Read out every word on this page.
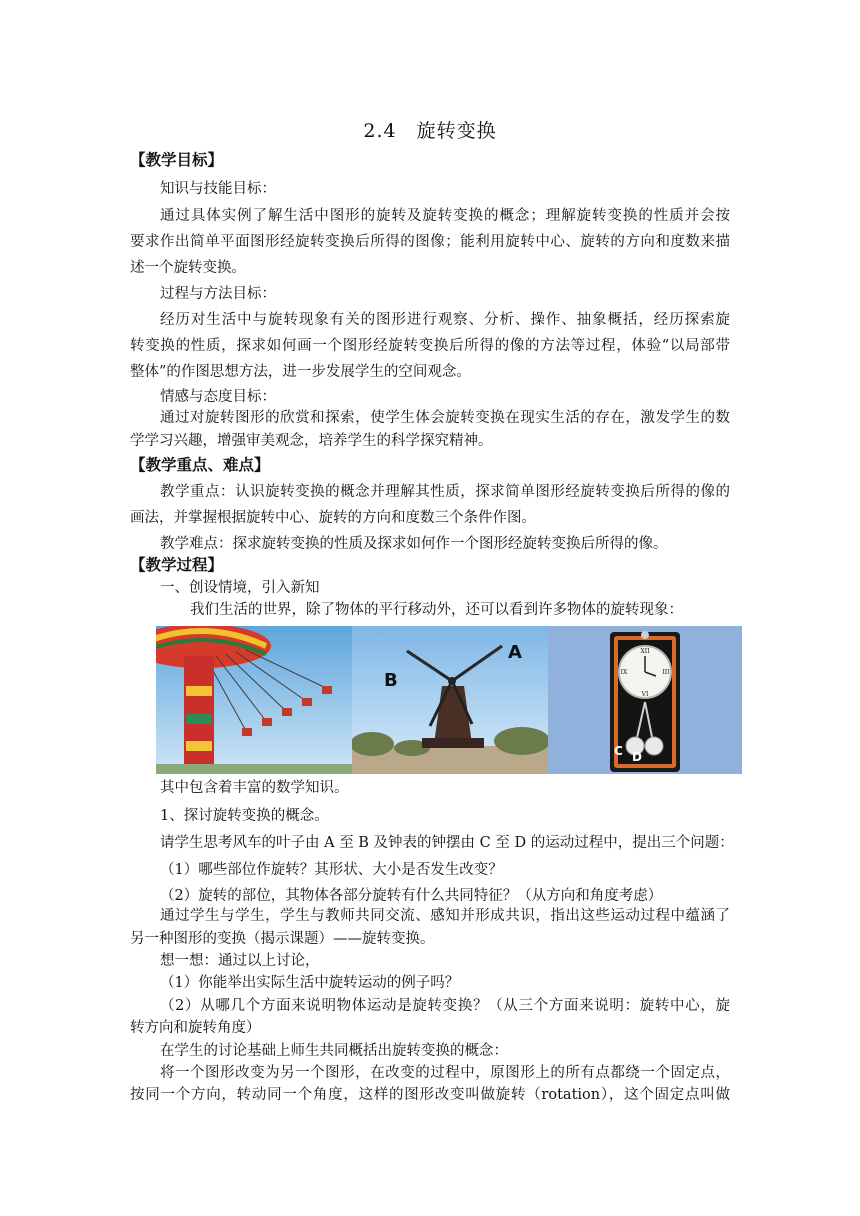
2.4　旋转变换
【教学目标】
知识与技能目标：
通过具体实例了解生活中图形的旋转及旋转变换的概念；理解旋转变换的性质并会按
要求作出简单平面图形经旋转变换后所得的图像；能利用旋转中心、旋转的方向和度数来描
述一个旋转变换。
过程与方法目标：
经历对生活中与旋转现象有关的图形进行观察、分析、操作、抽象概括，经历探索旋
转变换的性质，探求如何画一个图形经旋转变换后所得的像的方法等过程，体验“以局部带
整体”的作图思想方法，进一步发展学生的空间观念。
情感与态度目标：
通过对旋转图形的欣赏和探索，使学生体会旋转变换在现实生活的存在，激发学生的数
学学习兴趣，增强审美观念，培养学生的科学探究精神。
【教学重点、难点】
教学重点：认识旋转变换的概念并理解其性质，探求简单图形经旋转变换后所得的像的
画法，并掌握根据旋转中心、旋转的方向和度数三个条件作图。
教学难点：探求旋转变换的性质及探求如何作一个图形经旋转变换后所得的像。
【教学过程】
一、创设情境，引入新知
我们生活的世界，除了物体的平行移动外，还可以看到许多物体的旋转现象：
A
B
XII
III
VI
IX
C D
其中包含着丰富的数学知识。
1、探讨旋转变换的概念。
请学生思考风车的叶子由 A 至 B 及钟表的钟摆由 C 至 D 的运动过程中，提出三个问题：
（1）哪些部位作旋转？其形状、大小是否发生改变？
（2）旋转的部位，其物体各部分旋转有什么共同特征？（从方向和角度考虑）
通过学生与学生，学生与教师共同交流、感知并形成共识，指出这些运动过程中蕴涵了
另一种图形的变换（揭示课题）——旋转变换。
想一想：通过以上讨论，
（1）你能举出实际生活中旋转运动的例子吗？
（2）从哪几个方面来说明物体运动是旋转变换？（从三个方面来说明：旋转中心，旋
转方向和旋转角度）
在学生的讨论基础上师生共同概括出旋转变换的概念：
将一个图形改变为另一个图形，在改变的过程中，原图形上的所有点都绕一个固定点，
按同一个方向，转动同一个角度，这样的图形改变叫做旋转（rotation），这个固定点叫做
